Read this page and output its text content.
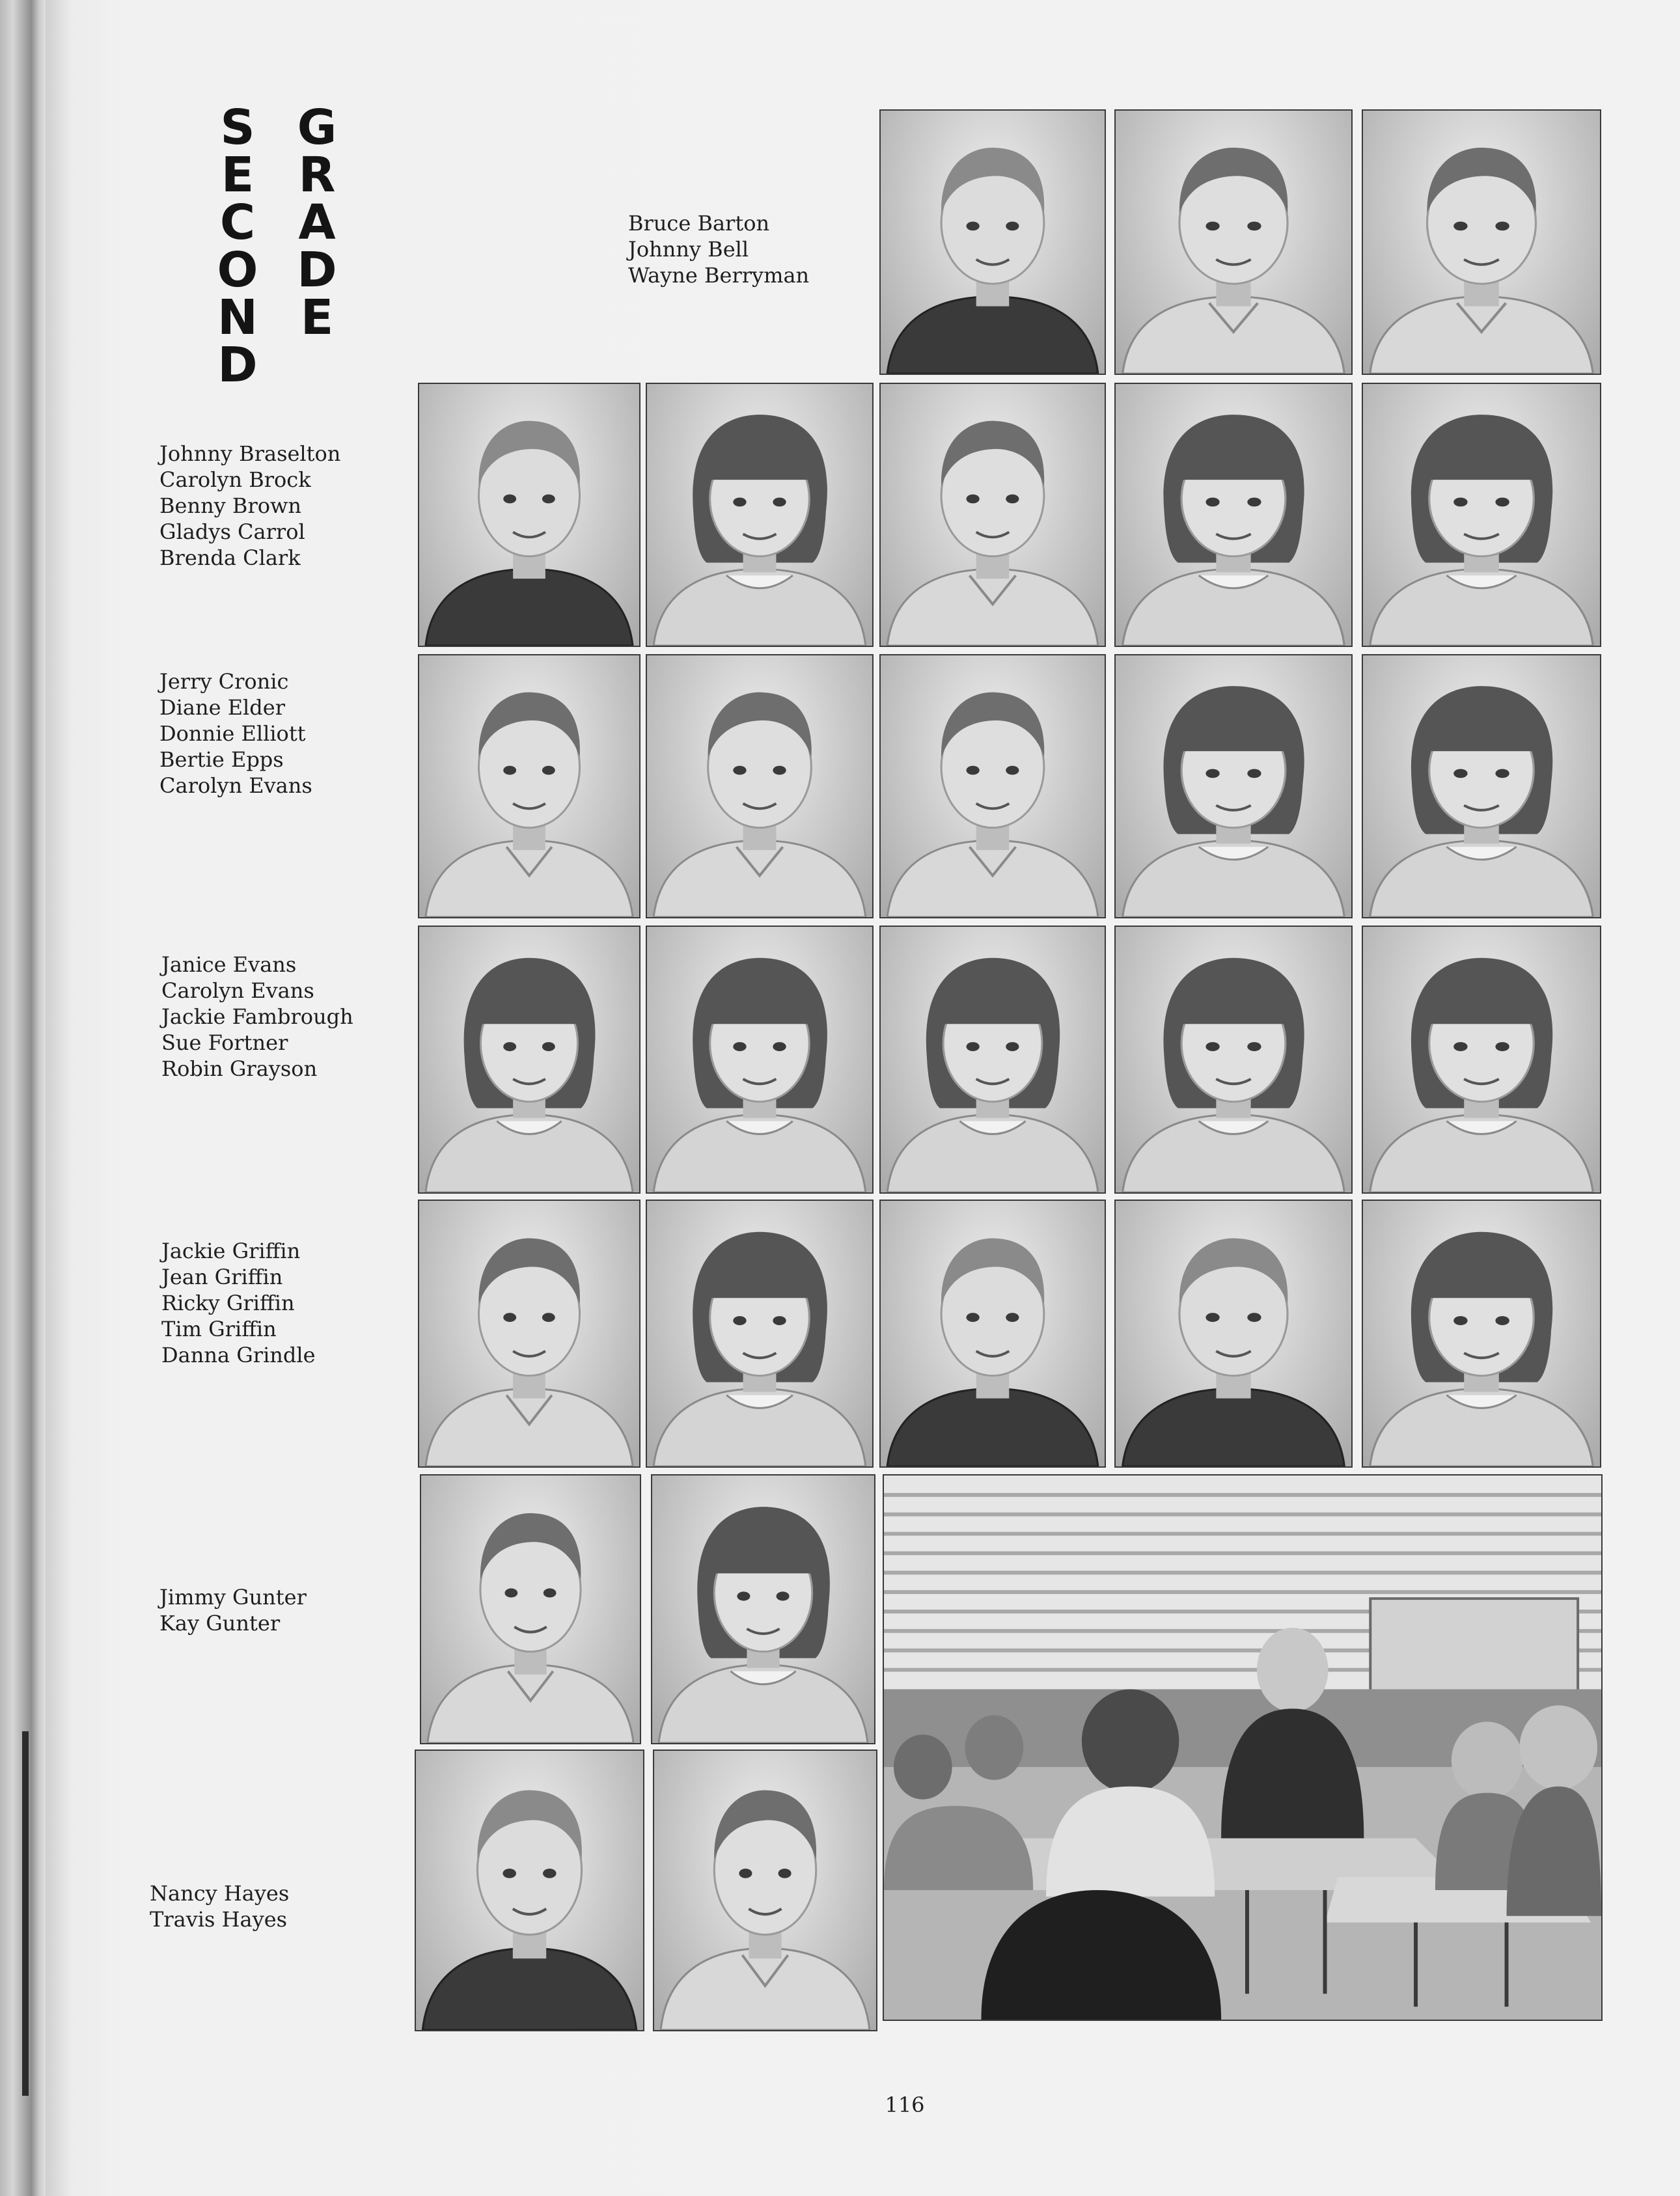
S
E
C
O
N
D
G
R
A
D
E
Bruce Barton
Johnny Bell
Wayne Berryman
Johnny Braselton
Carolyn Brock
Benny Brown
Gladys Carrol
Brenda Clark
Jerry Cronic
Diane Elder
Donnie Elliott
Bertie Epps
Carolyn Evans
Janice Evans
Carolyn Evans
Jackie Fambrough
Sue Fortner
Robin Grayson
Jackie Griffin
Jean Griffin
Ricky Griffin
Tim Griffin
Danna Grindle
Jimmy Gunter
Kay Gunter
Nancy Hayes
Travis Hayes
116
